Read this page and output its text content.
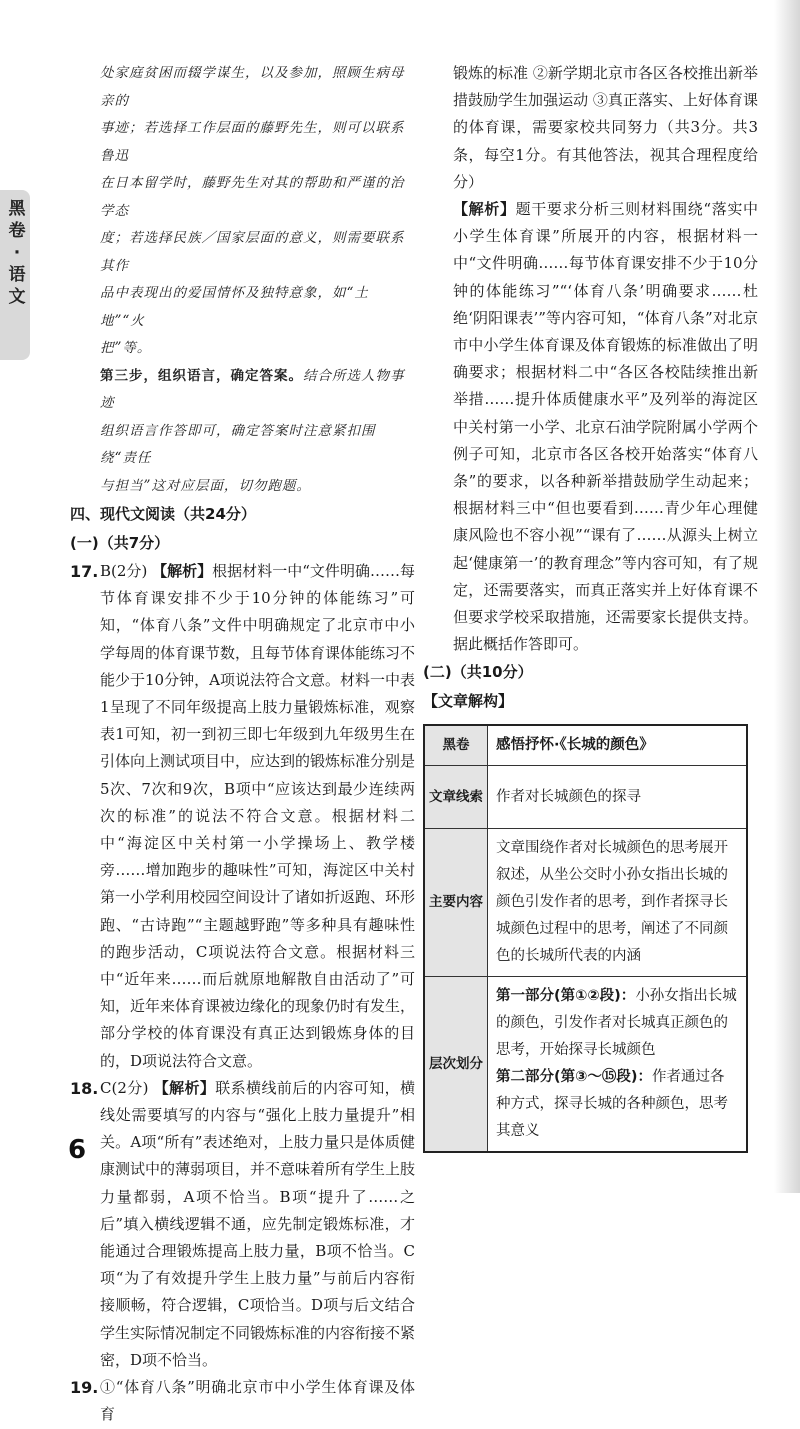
黑卷·语文
处家庭贫困而辍学谋生，以及参加，照顾生病母亲的
事迹；若选择工作层面的藤野先生，则可以联系鲁迅
在日本留学时，藤野先生对其的帮助和严谨的治学态
度；若选择民族／国家层面的意义，则需要联系其作
品中表现出的爱国情怀及独特意象，如“土地”“火
把”等。
第三步，组织语言，确定答案。结合所选人物事迹
组织语言作答即可，确定答案时注意紧扣围绕“责任
与担当”这对应层面，切勿跑题。
四、现代文阅读（共24分）
(一)（共7分）
17. B(2分) 【解析】根据材料一中“文件明确……每节体育课安排不少于10分钟的体能练习”可知，“体育八条”文件中明确规定了北京市中小学每周的体育课节数，且每节体育课体能练习不能少于10分钟，A项说法符合文意。材料一中表1呈现了不同年级提高上肢力量锻炼标准，观察表1可知，初一到初三即七年级到九年级男生在引体向上测试项目中，应达到的锻炼标准分别是5次、7次和9次，B项中“应该达到最少连续两次的标准”的说法不符合文意。根据材料二中“海淀区中关村第一小学操场上、教学楼旁……增加跑步的趣味性”可知，海淀区中关村第一小学利用校园空间设计了诸如折返跑、环形跑、“古诗跑”“主题越野跑”等多种具有趣味性的跑步活动，C项说法符合文意。根据材料三中“近年来……而后就原地解散自由活动了”可知，近年来体育课被边缘化的现象仍时有发生，部分学校的体育课没有真正达到锻炼身体的目的，D项说法符合文意。
18. C(2分) 【解析】联系横线前后的内容可知，横线处需要填写的内容与“强化上肢力量提升”相关。A项“所有”表述绝对，上肢力量只是体质健康测试中的薄弱项目，并不意味着所有学生上肢力量都弱，A项不恰当。B项“提升了……之后”填入横线逻辑不通，应先制定锻炼标准，才能通过合理锻炼提高上肢力量，B项不恰当。C项“为了有效提升学生上肢力量”与前后内容衔接顺畅，符合逻辑，C项恰当。D项与后文结合学生实际情况制定不同锻炼标准的内容衔接不紧密，D项不恰当。
19. ①“体育八条”明确北京市中小学生体育课及体育
锻炼的标准 ②新学期北京市各区各校推出新举措鼓励学生加强运动 ③真正落实、上好体育课的体育课，需要家校共同努力（共3分。共3条，每空1分。有其他答法，视其合理程度给分）
【解析】题干要求分析三则材料围绕“落实中小学生体育课”所展开的内容，根据材料一中“文件明确……每节体育课安排不少于10分钟的体能练习”“‘体育八条’明确要求……杜绝‘阴阳课表’”等内容可知，“体育八条”对北京市中小学生体育课及体育锻炼的标准做出了明确要求；根据材料二中“各区各校陆续推出新举措……提升体质健康水平”及列举的海淀区中关村第一小学、北京石油学院附属小学两个例子可知，北京市各区各校开始落实“体育八条”的要求，以各种新举措鼓励学生动起来；根据材料三中“但也要看到……青少年心理健康风险也不容小视”“课有了……从源头上树立起‘健康第一’的教育理念”等内容可知，有了规定，还需要落实，而真正落实并上好体育课不但要求学校采取措施，还需要家长提供支持。据此概括作答即可。
(二)（共10分）
【文章解构】
黑卷	感悟抒怀·《长城的颜色》
文章线索	作者对长城颜色的探寻
主要内容	文章围绕作者对长城颜色的思考展开叙述，从坐公交时小孙女指出长城的颜色引发作者的思考，到作者探寻长城颜色过程中的思考，阐述了不同颜色的长城所代表的内涵
层次划分	第一部分(第①②段)：小孙女指出长城的颜色，引发作者对长城真正颜色的思考，开始探寻长城颜色
第二部分(第③～⑮段)：作者通过各种方式，探寻长城的各种颜色，思考其意义
6
